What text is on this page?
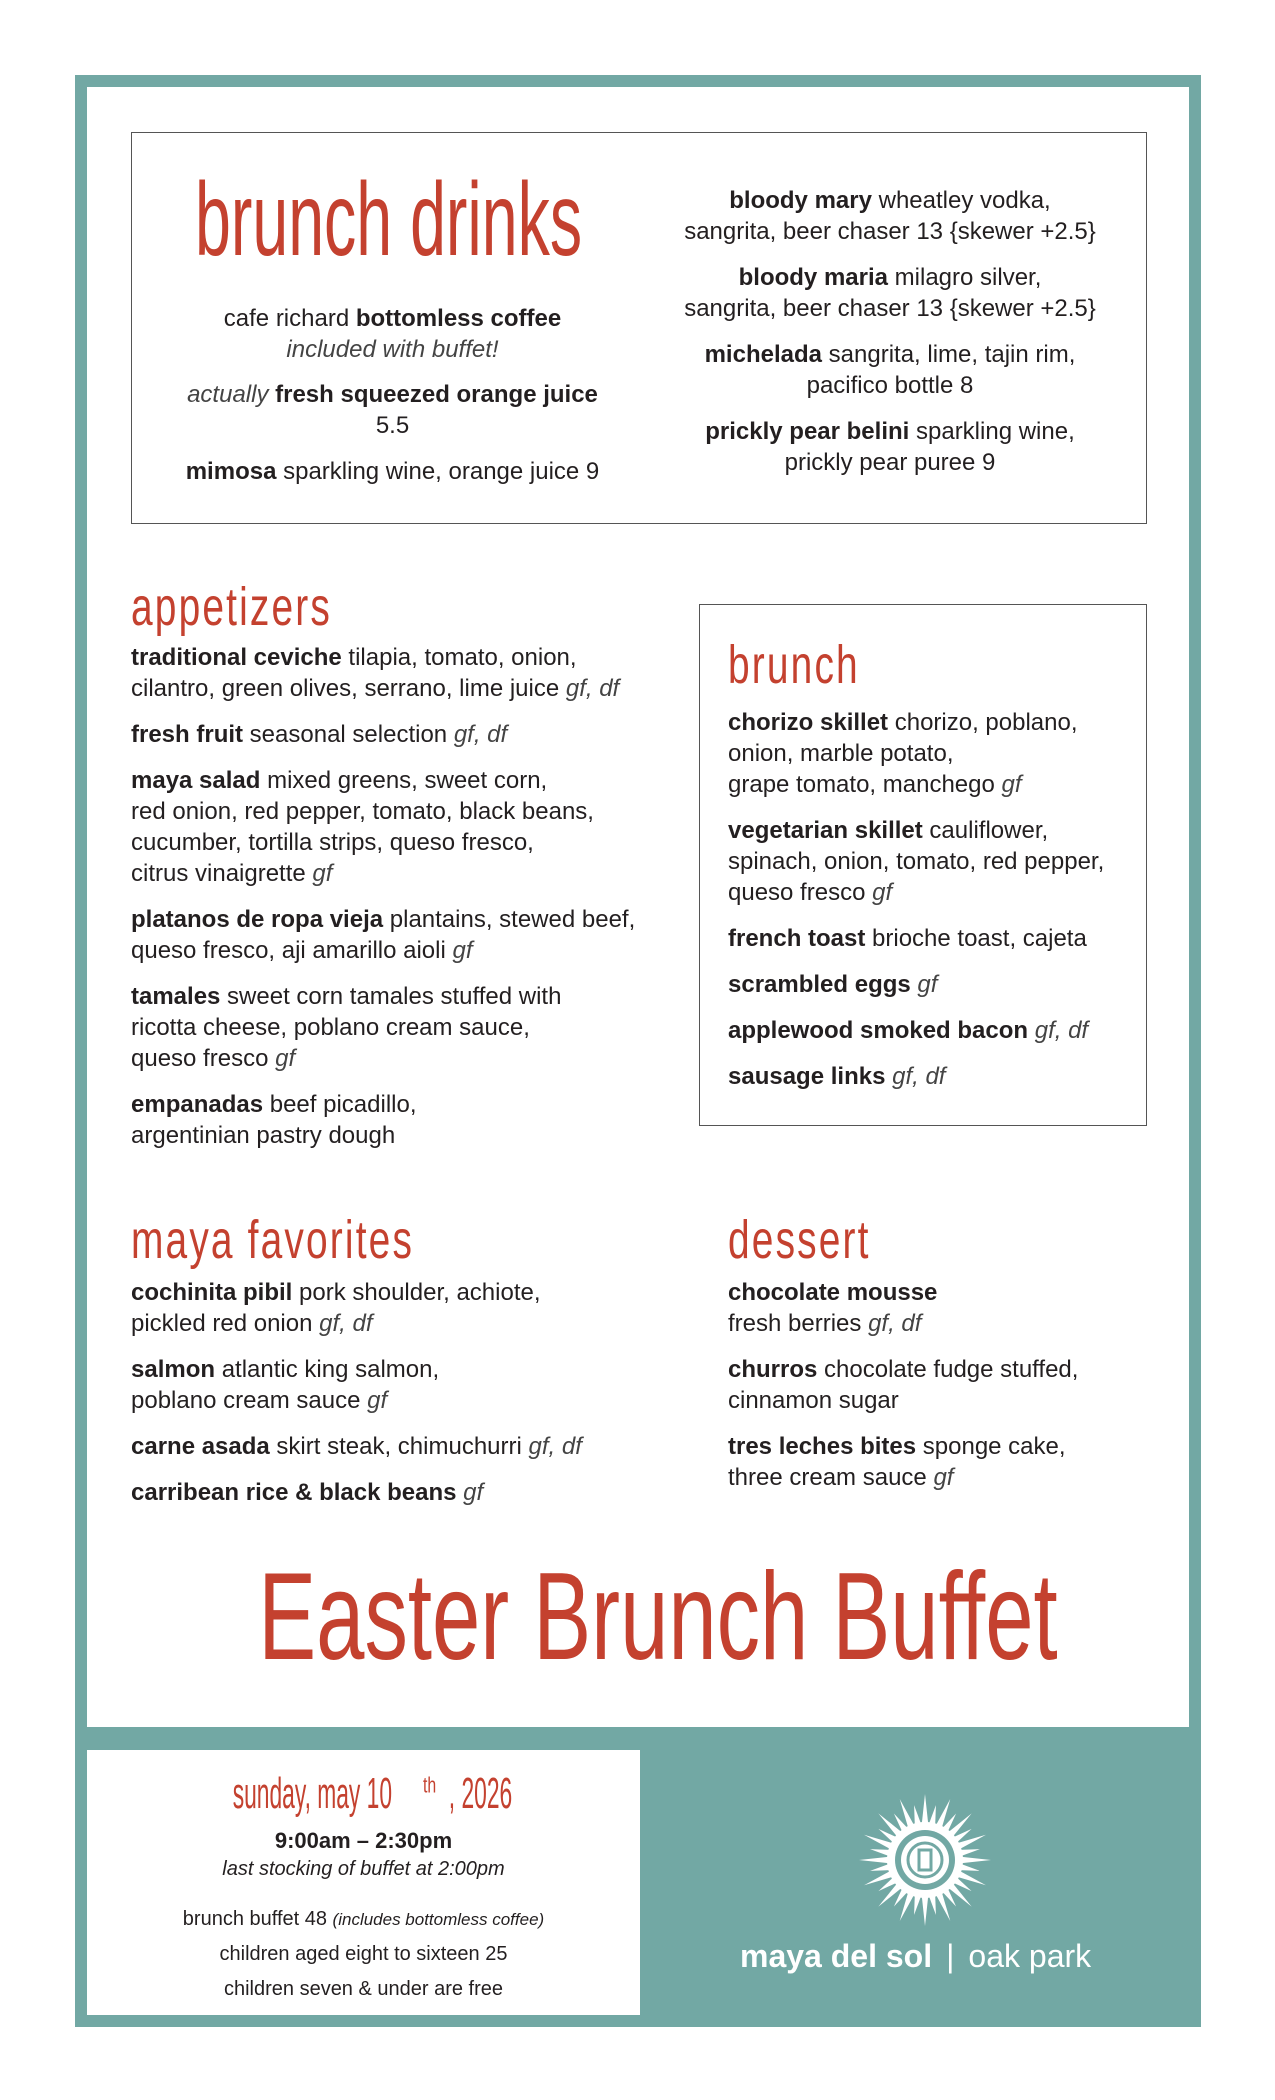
brunch drinks
cafe richard bottomless coffee
included with buffet!
actually fresh squeezed orange juice 5.5
mimosa sparkling wine, orange juice 9
bloody mary wheatley vodka,
sangrita, beer chaser 13 {skewer +2.5}
bloody maria milagro silver,
sangrita, beer chaser 13 {skewer +2.5}
michelada sangrita, lime, tajin rim,
pacifico bottle 8
prickly pear belini sparkling wine,
prickly pear puree 9
appetizers
traditional ceviche tilapia, tomato, onion,
cilantro, green olives, serrano, lime juice gf, df
fresh fruit seasonal selection gf, df
maya salad mixed greens, sweet corn,
red onion, red pepper, tomato, black beans,
cucumber, tortilla strips, queso fresco,
citrus vinaigrette gf
platanos de ropa vieja plantains, stewed beef,
queso fresco, aji amarillo aioli gf
tamales sweet corn tamales stuffed with
ricotta cheese, poblano cream sauce,
queso fresco gf
empanadas beef picadillo,
argentinian pastry dough
brunch
chorizo skillet chorizo, poblano,
onion, marble potato,
grape tomato, manchego gf
vegetarian skillet cauliflower,
spinach, onion, tomato, red pepper,
queso fresco gf
french toast brioche toast, cajeta
scrambled eggs gf
applewood smoked bacon gf, df
sausage links gf, df
maya favorites
cochinita pibil pork shoulder, achiote,
pickled red onion gf, df
salmon atlantic king salmon,
poblano cream sauce gf
carne asada skirt steak, chimuchurri gf, df
carribean rice & black beans gf
dessert
chocolate mousse
fresh berries gf, df
churros chocolate fudge stuffed,
cinnamon sugar
tres leches bites sponge cake,
three cream sauce gf
Easter Brunch Buffet
sunday, may 10 $^{th}$ , 2026
9:00am – 2:30pm
last stocking of buffet at 2:00pm
brunch buffet 48 (includes bottomless coffee)
children aged eight to sixteen 25
children seven & under are free
maya del sol | oak park
